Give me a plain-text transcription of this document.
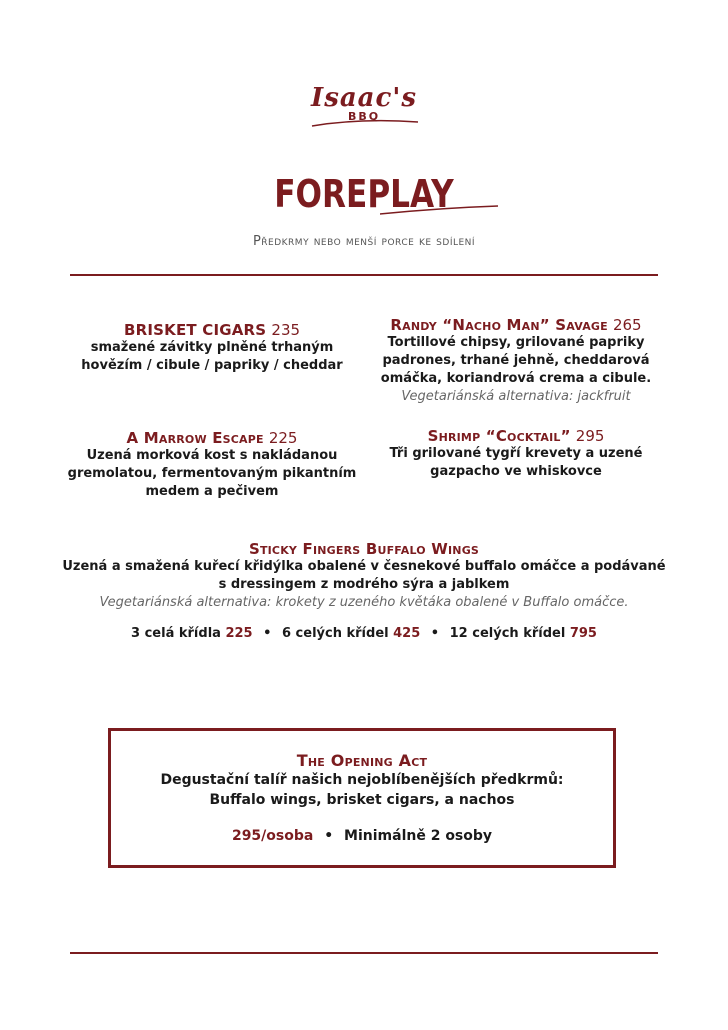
Isaac's
BBQ
FOREPLAY
Předkrmy nebo menší porce ke sdílení
BRISKET CIGARS 235
smažené závitky plněné trhaným
hovězím / cibule / papriky / cheddar
Randy “Nacho Man” Savage 265
Tortillové chipsy, grilované papriky
padrones, trhané jehně, cheddarová
omáčka, koriandrová crema a cibule.
Vegetariánská alternativa: jackfruit
A Marrow Escape 225
Uzená morková kost s nakládanou
gremolatou, fermentovaným pikantním
medem a pečivem
Shrimp “Cocktail” 295
Tři grilované tygří krevety a uzené
gazpacho ve whiskovce
Sticky Fingers Buffalo Wings
Uzená a smažená kuřecí křidýlka obalené v česnekové buffalo omáčce a podávané
s dressingem z modrého sýra a jablkem
Vegetariánská alternativa: krokety z uzeného květáka obalené v Buffalo omáčce.
3 celá křídla 225 • 6 celých křídel 425 • 12 celých křídel 795
The Opening Act
Degustační talíř našich nejoblíbenějších předkrmů:
Buffalo wings, brisket cigars, a nachos
295/osoba • Minimálně 2 osoby
